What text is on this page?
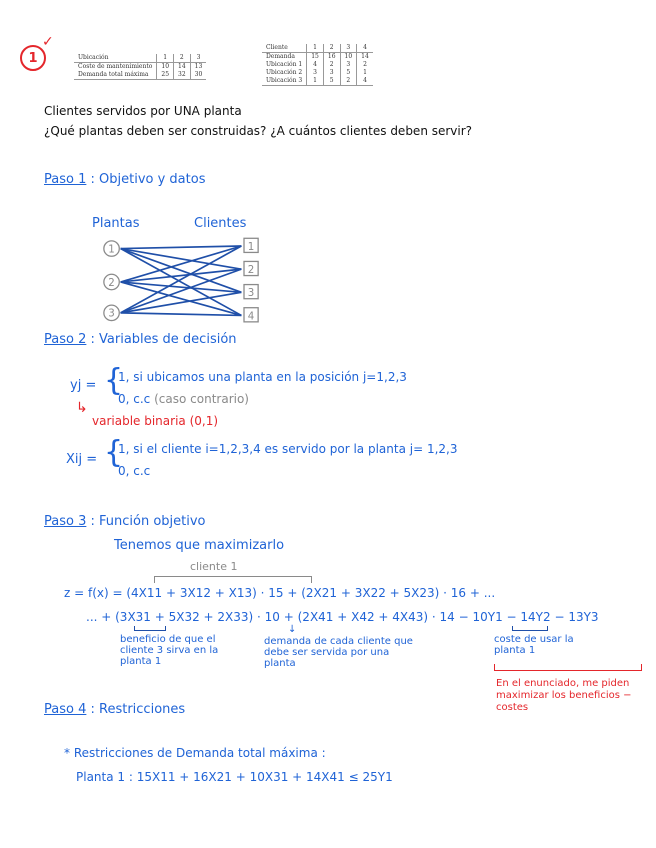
1
✓
Ubicación	1	2	3
Coste de mantenimiento	10	14	13
Demanda total máxima	25	32	30
Cliente	1	2	3	4
Demanda	15	16	10	14
Ubicación 1	4	2	3	2
Ubicación 2	3	3	5	1
Ubicación 3	1	5	2	4
Clientes servidos por UNA planta
¿Qué plantas deben ser construidas? ¿A cuántos clientes deben servir?
Paso 1 : Objetivo y datos
Plantas	Clientes
1
2
3
1
2
3
4
Paso 2 : Variables de decisión
yj = {
1, si ubicamos una planta en la posición j=1,2,3
0, c.c (caso contrario)
↳
variable binaria (0,1)
Xij = {
1, si el cliente i=1,2,3,4 es servido por la planta j= 1,2,3
0, c.c
Paso 3 : Función objetivo
Tenemos que maximizarlo
cliente 1
z = f(x) = (4X11 + 3X12 + X13) · 15 + (2X21 + 3X22 + 5X23) · 16 + ...
... + (3X31 + 5X32 + 2X33) · 10 + (2X41 + X42 + 4X43) · 14 − 10Y1 − 14Y2 − 13Y3
beneficio de que el cliente 3 sirva en la planta 1
↓
demanda de cada cliente que debe ser servida por una planta
coste de usar la planta 1
En el enunciado, me piden maximizar los beneficios − costes
Paso 4 : Restricciones
* Restricciones de Demanda total máxima :
Planta 1 : 15X11 + 16X21 + 10X31 + 14X41 ≤ 25Y1
